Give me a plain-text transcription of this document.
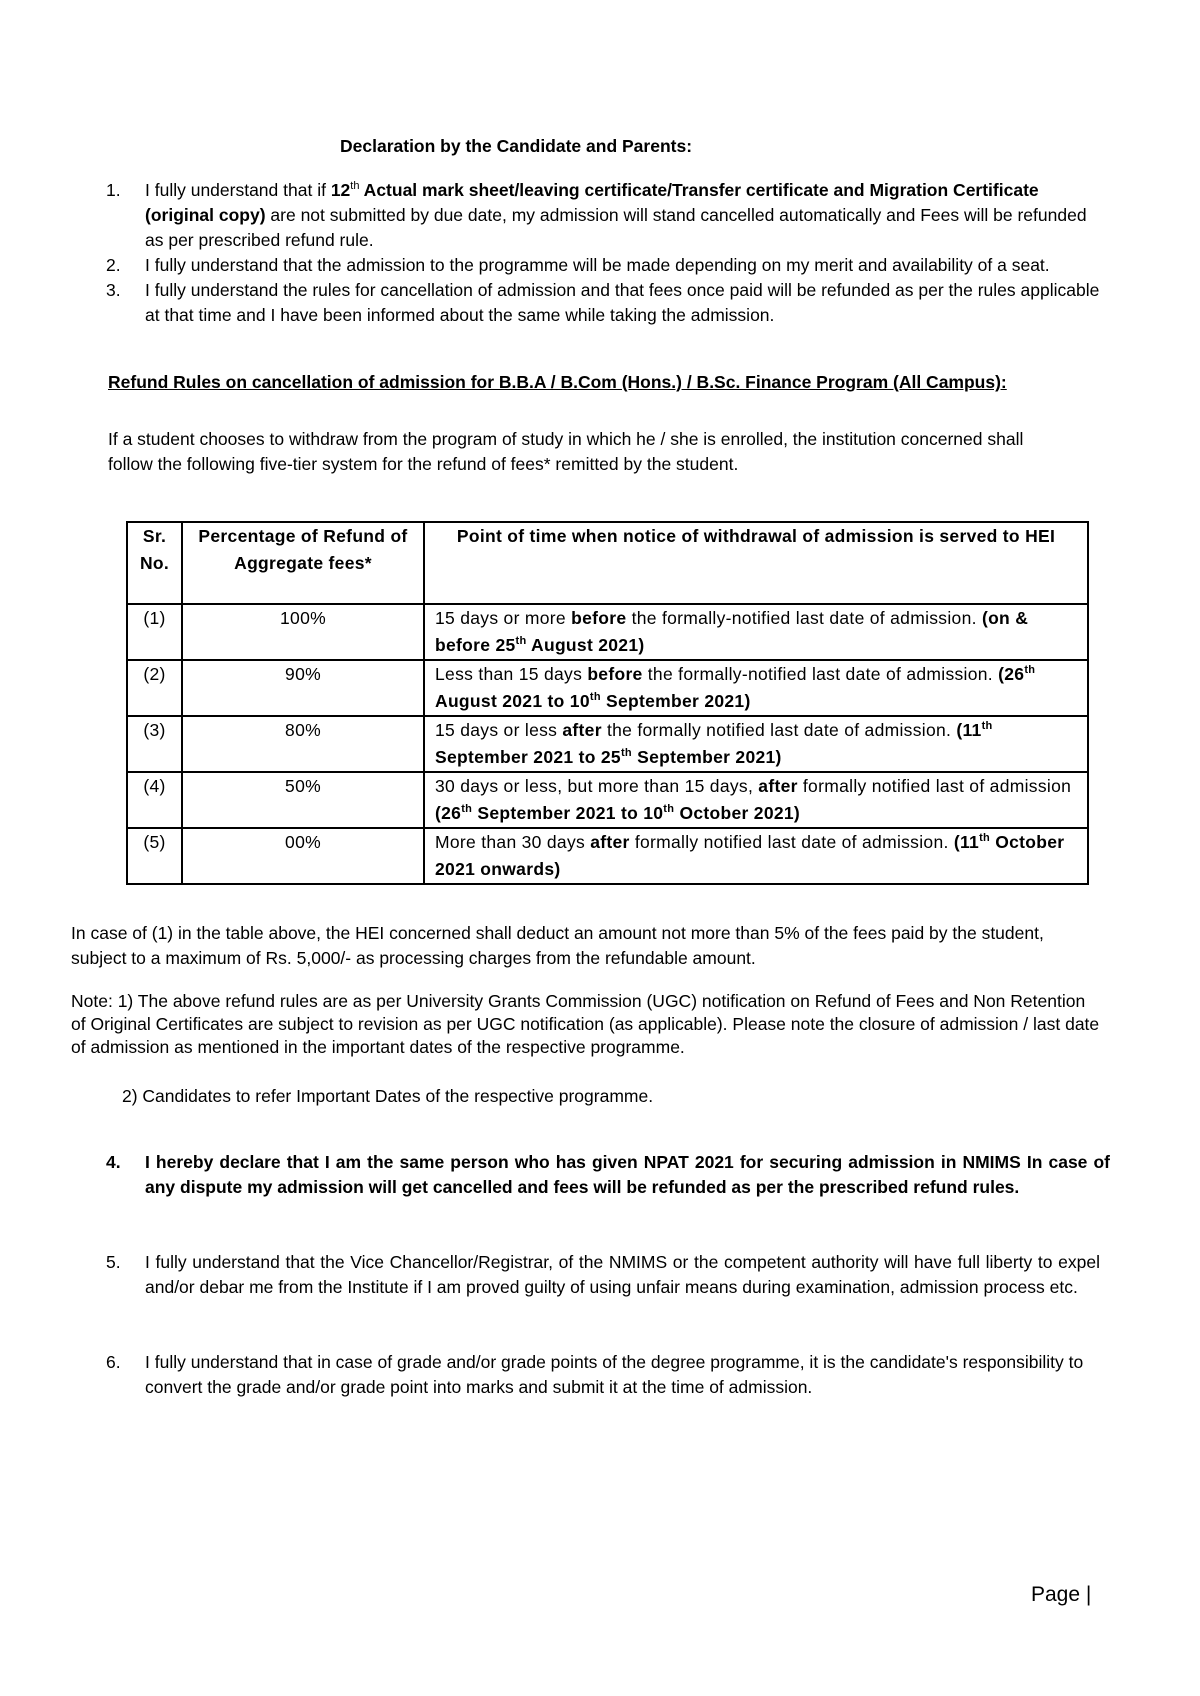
Declaration by the Candidate and Parents:
1. I fully understand that if 12th Actual mark sheet/leaving certificate/Transfer certificate and Migration Certificate (original copy) are not submitted by due date, my admission will stand cancelled automatically and Fees will be refunded as per prescribed refund rule.
2. I fully understand that the admission to the programme will be made depending on my merit and availability of a seat.
3. I fully understand the rules for cancellation of admission and that fees once paid will be refunded as per the rules applicable at that time and I have been informed about the same while taking the admission.
Refund Rules on cancellation of admission for B.B.A / B.Com (Hons.) / B.Sc. Finance Program (All Campus):
If a student chooses to withdraw from the program of study in which he / she is enrolled, the institution concerned shall follow the following five-tier system for the refund of fees* remitted by the student.
Sr. No.	Percentage of Refund of Aggregate fees*	Point of time when notice of withdrawal of admission is served to HEI
(1)	100%	15 days or more before the formally-notified last date of admission. (on & before 25th August 2021)
(2)	90%	Less than 15 days before the formally-notified last date of admission. (26th August 2021 to 10th September 2021)
(3)	80%	15 days or less after the formally notified last date of admission. (11th September 2021 to 25th September 2021)
(4)	50%	30 days or less, but more than 15 days, after formally notified last of admission (26th September 2021 to 10th October 2021)
(5)	00%	More than 30 days after formally notified last date of admission. (11th October 2021 onwards)
In case of (1) in the table above, the HEI concerned shall deduct an amount not more than 5% of the fees paid by the student, subject to a maximum of Rs. 5,000/- as processing charges from the refundable amount.
Note: 1) The above refund rules are as per University Grants Commission (UGC) notification on Refund of Fees and Non Retention of Original Certificates are subject to revision as per UGC notification (as applicable). Please note the closure of admission / last date of admission as mentioned in the important dates of the respective programme.
2) Candidates to refer Important Dates of the respective programme.
4. I hereby declare that I am the same person who has given NPAT 2021 for securing admission in NMIMS In case of any dispute my admission will get cancelled and fees will be refunded as per the prescribed refund rules.
5. I fully understand that the Vice Chancellor/Registrar, of the NMIMS or the competent authority will have full liberty to expel and/or debar me from the Institute if I am proved guilty of using unfair means during examination, admission process etc.
6. I fully understand that in case of grade and/or grade points of the degree programme, it is the candidate's responsibility to convert the grade and/or grade point into marks and submit it at the time of admission.
Page |
